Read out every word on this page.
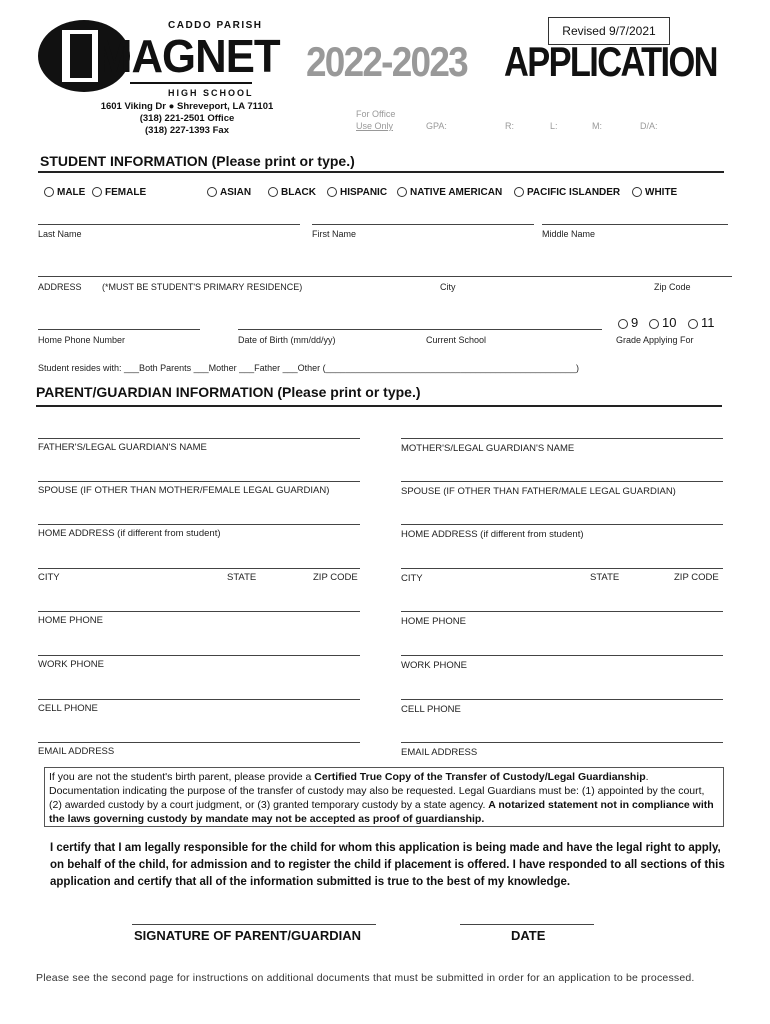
CADDO PARISH
MAGNET
HIGH SCHOOL
1601 Viking Dr ● Shreveport, LA 71101
(318) 221-2501 Office
(318) 227-1393 Fax
Revised 9/7/2021
2022-2023 APPLICATION
For Office
Use Only	GPA:	R:	L:	M:	D/A:
STUDENT INFORMATION (Please print or type.)
MALE	FEMALE	ASIAN	BLACK	HISPANIC	NATIVE AMERICAN	PACIFIC ISLANDER	WHITE
Last Name	First Name	Middle Name
ADDRESS (*MUST BE STUDENT'S PRIMARY RESIDENCE)	City	Zip Code
9	10	11
Home Phone Number	Date of Birth (mm/dd/yy)	Current School	Grade Applying For
Student resides with: ___Both Parents ___Mother ___Father ___Other (__________________________________________________)
PARENT/GUARDIAN INFORMATION (Please print or type.)
FATHER'S/LEGAL GUARDIAN'S NAME
SPOUSE (IF OTHER THAN MOTHER/FEMALE LEGAL GUARDIAN)
HOME ADDRESS (if different from student)
CITY	STATE	ZIP CODE
HOME PHONE
WORK PHONE
CELL PHONE
EMAIL ADDRESS
MOTHER'S/LEGAL GUARDIAN'S NAME
SPOUSE (IF OTHER THAN FATHER/MALE LEGAL GUARDIAN)
HOME ADDRESS (if different from student)
CITY	STATE	ZIP CODE
HOME PHONE
WORK PHONE
CELL PHONE
EMAIL ADDRESS
If you are not the student's birth parent, please provide a Certified True Copy of the Transfer of Custody/Legal Guardianship. Documentation indicating the purpose of the transfer of custody may also be requested. Legal Guardians must be: (1) appointed by the court, (2) awarded custody by a court judgment, or (3) granted temporary custody by a state agency. A notarized statement not in compliance with the laws governing custody by mandate may not be accepted as proof of guardianship.
I certify that I am legally responsible for the child for whom this application is being made and have the legal right to apply, on behalf of the child, for admission and to register the child if placement is offered. I have responded to all sections of this application and certify that all of the information submitted is true to the best of my knowledge.
SIGNATURE OF PARENT/GUARDIAN	DATE
Please see the second page for instructions on additional documents that must be submitted in order for an application to be processed.
